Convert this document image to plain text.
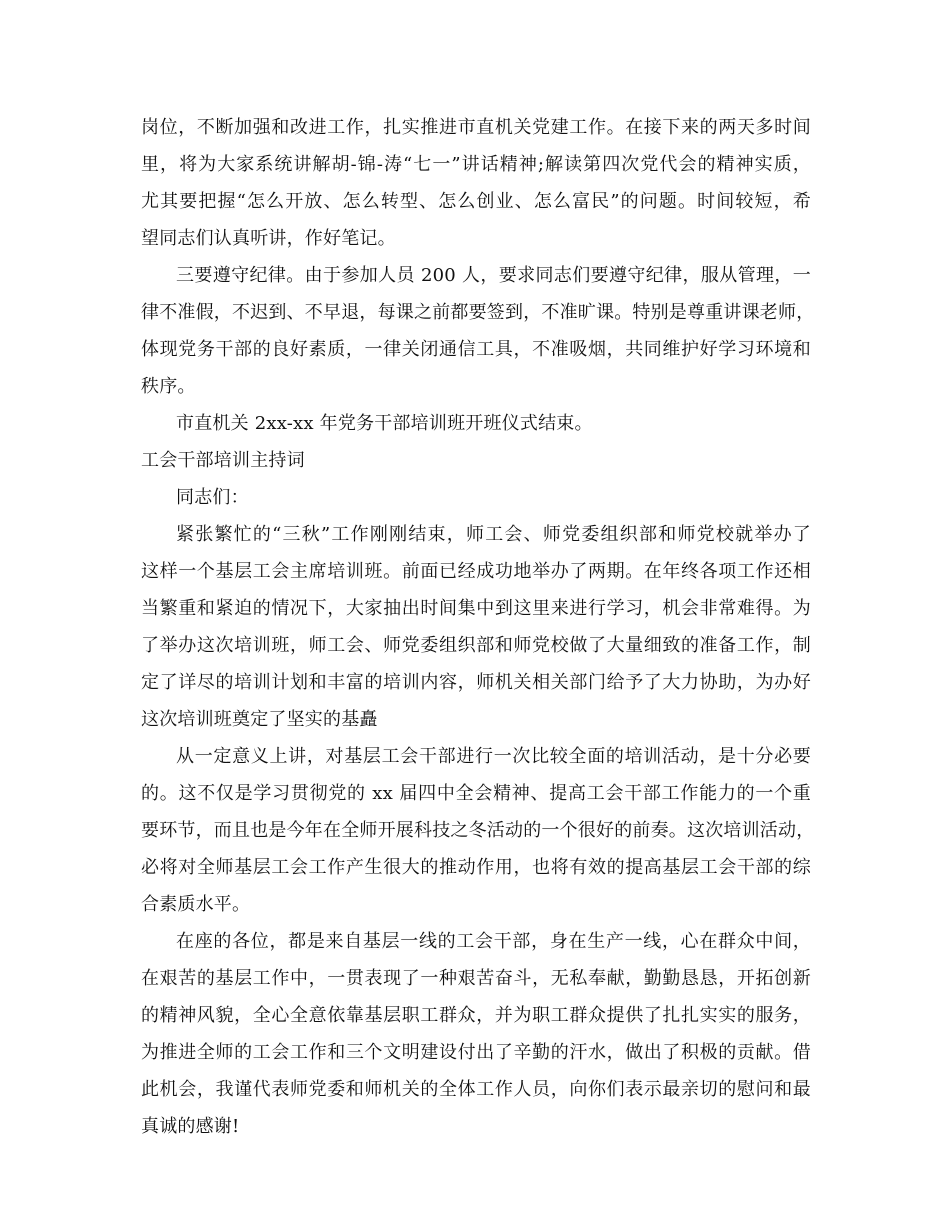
岗位，不断加强和改进工作，扎实推进市直机关党建工作。在接下来的两天多时间
里，将为大家系统讲解胡-锦-涛“七一”讲话精神;解读第四次党代会的精神实质，
尤其要把握“怎么开放、怎么转型、怎么创业、怎么富民”的问题。时间较短，希
望同志们认真听讲，作好笔记。
三要遵守纪律。由于参加人员 200 人，要求同志们要遵守纪律，服从管理，一
律不准假，不迟到、不早退，每课之前都要签到，不准旷课。特别是尊重讲课老师，
体现党务干部的良好素质，一律关闭通信工具，不准吸烟，共同维护好学习环境和
秩序。
市直机关 2xx-xx 年党务干部培训班开班仪式结束。
工会干部培训主持词
同志们：
紧张繁忙的“三秋”工作刚刚结束，师工会、师党委组织部和师党校就举办了
这样一个基层工会主席培训班。前面已经成功地举办了两期。在年终各项工作还相
当繁重和紧迫的情况下，大家抽出时间集中到这里来进行学习，机会非常难得。为
了举办这次培训班，师工会、师党委组织部和师党校做了大量细致的准备工作，制
定了详尽的培训计划和丰富的培训内容，师机关相关部门给予了大力协助，为办好
这次培训班奠定了坚实的基矗
从一定意义上讲，对基层工会干部进行一次比较全面的培训活动，是十分必要
的。这不仅是学习贯彻党的 xx 届四中全会精神、提高工会干部工作能力的一个重
要环节，而且也是今年在全师开展科技之冬活动的一个很好的前奏。这次培训活动，
必将对全师基层工会工作产生很大的推动作用，也将有效的提高基层工会干部的综
合素质水平。
在座的各位，都是来自基层一线的工会干部，身在生产一线，心在群众中间，
在艰苦的基层工作中，一贯表现了一种艰苦奋斗，无私奉献，勤勤恳恳，开拓创新
的精神风貌，全心全意依靠基层职工群众，并为职工群众提供了扎扎实实的服务，
为推进全师的工会工作和三个文明建设付出了辛勤的汗水，做出了积极的贡献。借
此机会，我谨代表师党委和师机关的全体工作人员，向你们表示最亲切的慰问和最
真诚的感谢!
